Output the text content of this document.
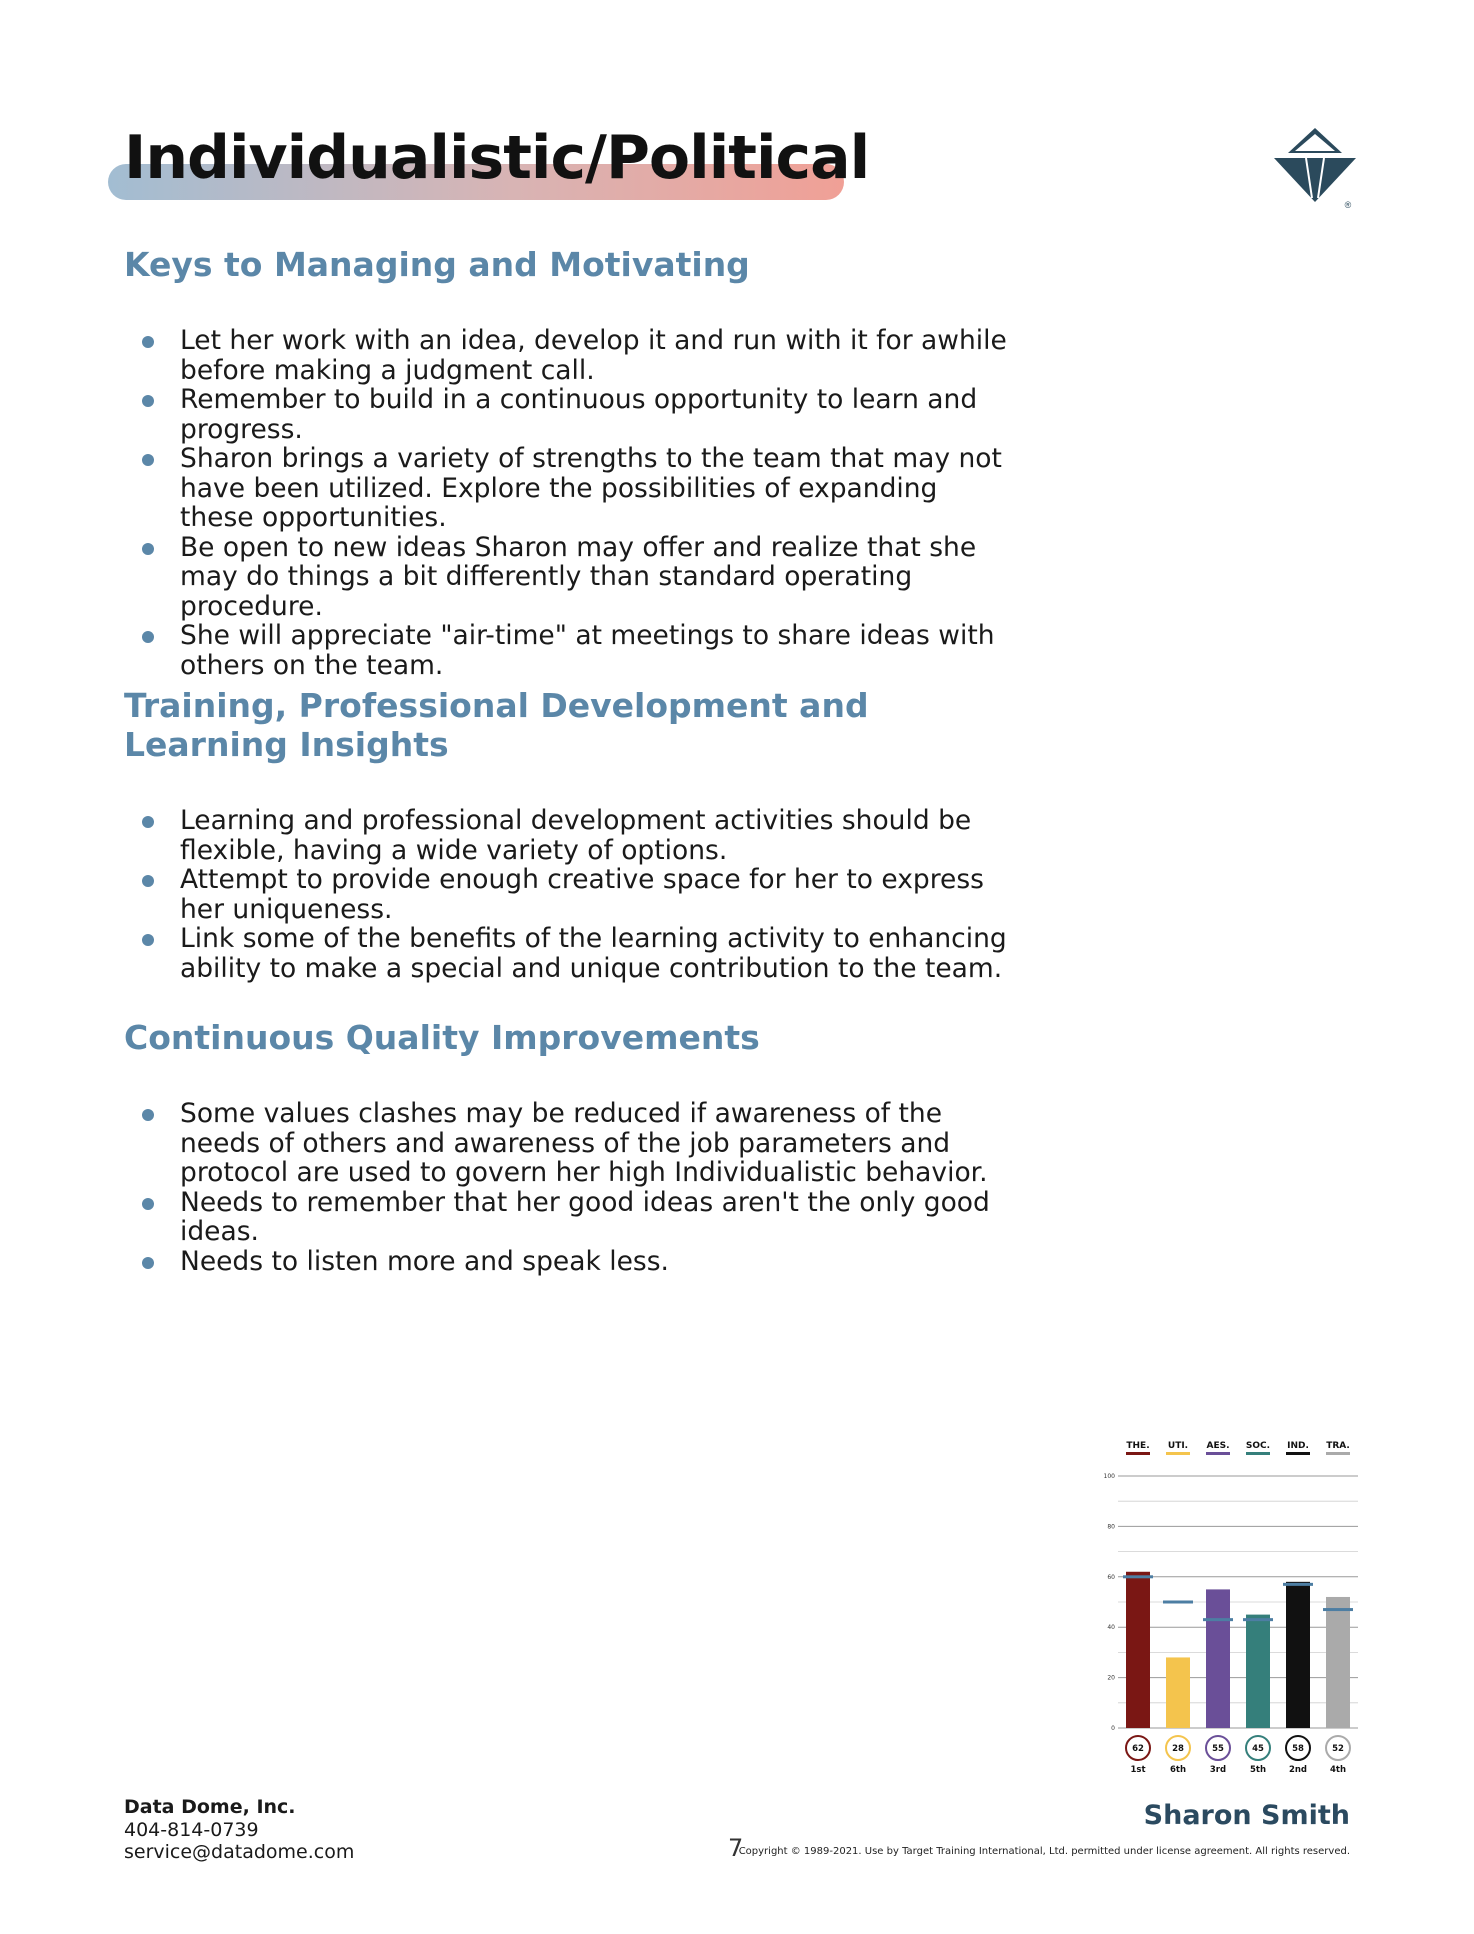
Individualistic/Political
®
Keys to Managing and Motivating
Let her work with an idea, develop it and run with it for awhile before making a judgment call.
Remember to build in a continuous opportunity to learn and progress.
Sharon brings a variety of strengths to the team that may not have been utilized. Explore the possibilities of expanding these opportunities.
Be open to new ideas Sharon may offer and realize that she may do things a bit differently than standard operating procedure.
She will appreciate "air-time" at meetings to share ideas with others on the team.
Training, Professional Development and Learning Insights
Learning and professional development activities should be flexible, having a wide variety of options.
Attempt to provide enough creative space for her to express her uniqueness.
Link some of the benefits of the learning activity to enhancing ability to make a special and unique contribution to the team.
Continuous Quality Improvements
Some values clashes may be reduced if awareness of the needs of others and awareness of the job parameters and protocol are used to govern her high Individualistic behavior.
Needs to remember that her good ideas aren't the only good ideas.
Needs to listen more and speak less.
0
20
40
60
80
100
THE.
62
1st
UTI.
28
6th
AES.
55
3rd
SOC.
45
5th
IND.
58
2nd
TRA.
52
4th
Data Dome, Inc.
404-814-0739
service@datadome.com	7
Sharon Smith
Copyright © 1989-2021. Use by Target Training International, Ltd. permitted under license agreement. All rights reserved.
